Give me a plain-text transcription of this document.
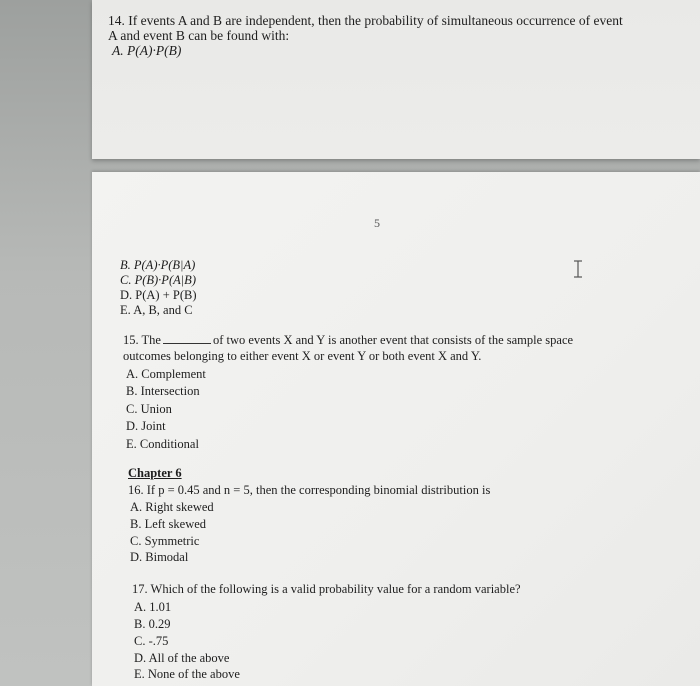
14. If events A and B are independent, then the probability of simultaneous occurrence of event
A and event B can be found with:
A. P(A)·P(B)
5
B. P(A)·P(B|A)
C. P(B)·P(A|B)
D. P(A) + P(B)
E. A, B, and C
15. The	of two events X and Y is another event that consists of the sample space
outcomes belonging to either event X or event Y or both event X and Y.
A. Complement
B. Intersection
C. Union
D. Joint
E. Conditional
Chapter 6
16. If p = 0.45 and n = 5, then the corresponding binomial distribution is
A. Right skewed
B. Left skewed
C. Symmetric
D. Bimodal
17. Which of the following is a valid probability value for a random variable?
A. 1.01
B. 0.29
C. -.75
D. All of the above
E. None of the above
